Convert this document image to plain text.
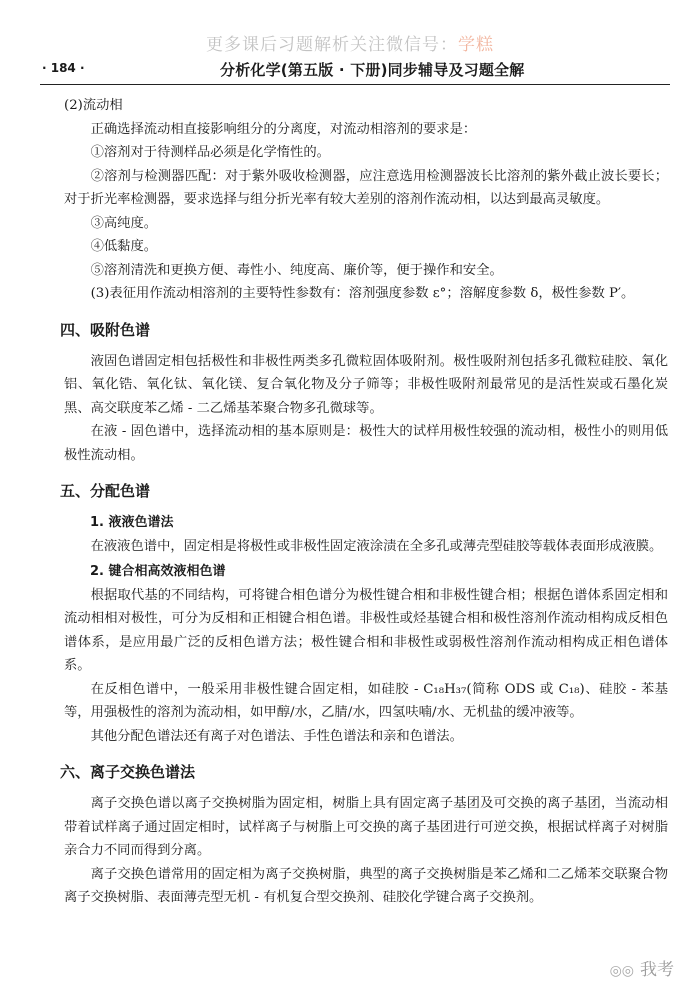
更多课后习题解析关注微信号：学糕
· 184 ·	分析化学(第五版 · 下册)同步辅导及习题全解

(2)流动相

正确选择流动相直接影响组分的分离度，对流动相溶剂的要求是：

①溶剂对于待测样品必须是化学惰性的。

②溶剂与检测器匹配：对于紫外吸收检测器，应注意选用检测器波长比溶剂的紫外截止波长要长；对于折光率检测器，要求选择与组分折光率有较大差别的溶剂作流动相，以达到最高灵敏度。

③高纯度。

④低黏度。

⑤溶剂清洗和更换方便、毒性小、纯度高、廉价等，便于操作和安全。

(3)表征用作流动相溶剂的主要特性参数有：溶剂强度参数 ε°；溶解度参数 δ，极性参数 P′。

四、吸附色谱

液固色谱固定相包括极性和非极性两类多孔微粒固体吸附剂。极性吸附剂包括多孔微粒硅胶、氧化铝、氧化锆、氧化钛、氧化镁、复合氧化物及分子筛等；非极性吸附剂最常见的是活性炭或石墨化炭黑、高交联度苯乙烯 - 二乙烯基苯聚合物多孔微球等。

在液 - 固色谱中，选择流动相的基本原则是：极性大的试样用极性较强的流动相，极性小的则用低极性流动相。

五、分配色谱
1. 液液色谱法

在液液色谱中，固定相是将极性或非极性固定液涂渍在全多孔或薄壳型硅胶等载体表面形成液膜。

2. 键合相高效液相色谱

根据取代基的不同结构，可将键合相色谱分为极性键合相和非极性键合相；根据色谱体系固定相和流动相相对极性，可分为反相和正相键合相色谱。非极性或烃基键合相和极性溶剂作流动相构成反相色谱体系，是应用最广泛的反相色谱方法；极性键合相和非极性或弱极性溶剂作流动相构成正相色谱体系。

在反相色谱中，一般采用非极性键合固定相，如硅胶 - C₁₈H₃₇(简称 ODS 或 C₁₈)、硅胶 - 苯基等，用强极性的溶剂为流动相，如甲醇/水，乙腈/水，四氢呋喃/水、无机盐的缓冲液等。

其他分配色谱法还有离子对色谱法、手性色谱法和亲和色谱法。

六、离子交换色谱法

离子交换色谱以离子交换树脂为固定相，树脂上具有固定离子基团及可交换的离子基团，当流动相带着试样离子通过固定相时，试样离子与树脂上可交换的离子基团进行可逆交换，根据试样离子对树脂亲合力不同而得到分离。

离子交换色谱常用的固定相为离子交换树脂，典型的离子交换树脂是苯乙烯和二乙烯苯交联聚合物离子交换树脂、表面薄壳型无机 - 有机复合型交换剂、硅胶化学键合离子交换剂。

◎◎ 我考
